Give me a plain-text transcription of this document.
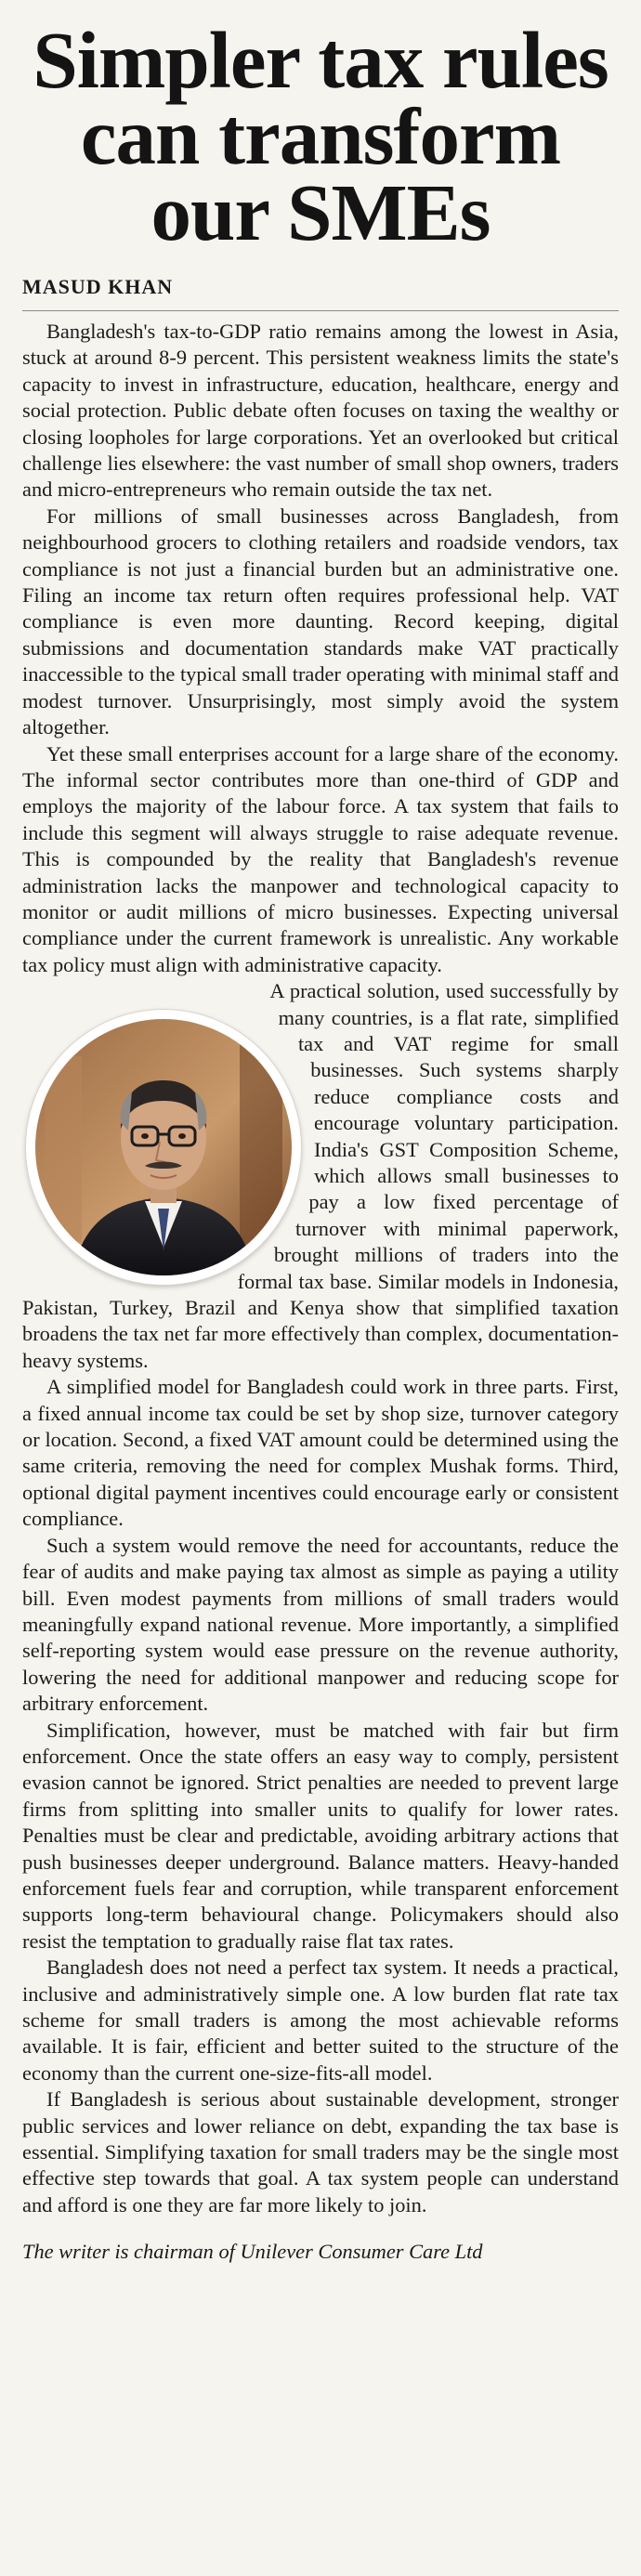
Simpler tax rules
can transform
our SMEs
MASUD KHAN

Bangladesh's tax-to-GDP ratio remains among the lowest in Asia, stuck at around 8-9 percent. This persistent weakness limits the state's capacity to invest in infrastructure, education, healthcare, energy and social protection. Public debate often focuses on taxing the wealthy or closing loopholes for large corporations. Yet an overlooked but critical challenge lies elsewhere: the vast number of small shop owners, traders and micro-entrepreneurs who remain outside the tax net.

For millions of small businesses across Bangladesh, from neighbourhood grocers to clothing retailers and roadside vendors, tax compliance is not just a financial burden but an administrative one. Filing an income tax return often requires professional help. VAT compliance is even more daunting. Record keeping, digital submissions and documentation standards make VAT practically inaccessible to the typical small trader operating with minimal staff and modest turnover. Unsurprisingly, most simply avoid the system altogether.

Yet these small enterprises account for a large share of the economy. The informal sector contributes more than one-third of GDP and employs the majority of the labour force. A tax system that fails to include this segment will always struggle to raise adequate revenue. This is compounded by the reality that Bangladesh's revenue administration lacks the manpower and technological capacity to monitor or audit millions of micro businesses. Expecting universal compliance under the current framework is unrealistic. Any workable tax policy must align with administrative capacity.

A practical solution, used successfully by many countries, is a flat rate, simplified tax and VAT regime for small businesses. Such systems sharply reduce compliance costs and encourage voluntary participation. India's GST Composition Scheme, which allows small businesses to pay a low fixed percentage of turnover with minimal paperwork, brought millions of traders into the formal tax base. Similar models in Indonesia, Pakistan, Turkey, Brazil and Kenya show that simplified taxation broadens the tax net far more effectively than complex, documentation-heavy systems.

A simplified model for Bangladesh could work in three parts. First, a fixed annual income tax could be set by shop size, turnover category or location. Second, a fixed VAT amount could be determined using the same criteria, removing the need for complex Mushak forms. Third, optional digital payment incentives could encourage early or consistent compliance.

Such a system would remove the need for accountants, reduce the fear of audits and make paying tax almost as simple as paying a utility bill. Even modest payments from millions of small traders would meaningfully expand national revenue. More importantly, a simplified self-reporting system would ease pressure on the revenue authority, lowering the need for additional manpower and reducing scope for arbitrary enforcement.

Simplification, however, must be matched with fair but firm enforcement. Once the state offers an easy way to comply, persistent evasion cannot be ignored. Strict penalties are needed to prevent large firms from splitting into smaller units to qualify for lower rates. Penalties must be clear and predictable, avoiding arbitrary actions that push businesses deeper underground. Balance matters. Heavy-handed enforcement fuels fear and corruption, while transparent enforcement supports long-term behavioural change. Policymakers should also resist the temptation to gradually raise flat tax rates.

Bangladesh does not need a perfect tax system. It needs a practical, inclusive and administratively simple one. A low burden flat rate tax scheme for small traders is among the most achievable reforms available. It is fair, efficient and better suited to the structure of the economy than the current one-size-fits-all model.

If Bangladesh is serious about sustainable development, stronger public services and lower reliance on debt, expanding the tax base is essential. Simplifying taxation for small traders may be the single most effective step towards that goal. A tax system people can understand and afford is one they are far more likely to join.

The writer is chairman of Unilever Consumer Care Ltd
